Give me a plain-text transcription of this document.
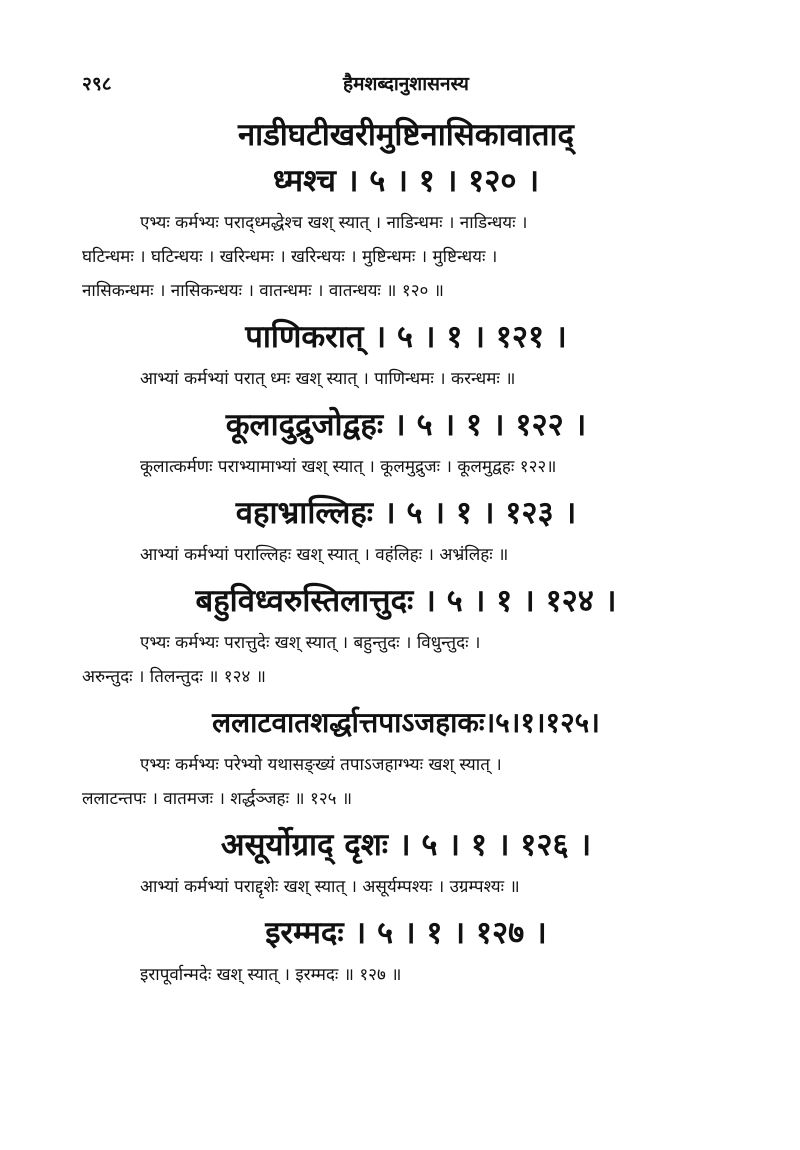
२९८	हैमशब्दानुशासनस्य
नाडीघटीखरीमुष्टिनासिकावाताद्
ध्मश्च । ५ । १ । १२० ।
एभ्यः कर्मभ्यः पराद्ध्मद्धेश्च खश् स्यात् । नाडिन्धमः । नाडिन्धयः ।
घटिन्धमः । घटिन्धयः । खरिन्धमः । खरिन्धयः । मुष्टिन्धमः । मुष्टिन्धयः ।
नासिकन्धमः । नासिकन्धयः । वातन्धमः । वातन्धयः ॥ १२० ॥
पाणिकरात् । ५ । १ । १२१ ।
आभ्यां कर्मभ्यां परात् ध्मः खश् स्यात् । पाणिन्धमः । करन्धमः ॥
कूलादुद्रुजोद्वहः । ५ । १ । १२२ ।
कूलात्कर्मणः पराभ्यामाभ्यां खश् स्यात् । कूलमुद्रुजः । कूलमुद्वहः १२२॥
वहाभ्राल्लिहः । ५ । १ । १२३ ।
आभ्यां कर्मभ्यां पराल्लिहः खश् स्यात् । वहंलिहः । अभ्रंलिहः ॥
बहुविध्वरुस्तिलात्तुदः । ५ । १ । १२४ ।
एभ्यः कर्मभ्यः परात्तुदेः खश् स्यात् । बहुन्तुदः । विधुन्तुदः ।
अरुन्तुदः । तिलन्तुदः ॥ १२४ ॥
ललाटवातशर्द्धात्तपाऽजहाकः।५।१।१२५।
एभ्यः कर्मभ्यः परेभ्यो यथासङ्ख्यं तपाऽजहाग्भ्यः खश् स्यात् ।
ललाटन्तपः । वातमजः । शर्द्धञ्जहः ॥ १२५ ॥
असूर्योग्राद् दृशः । ५ । १ । १२६ ।
आभ्यां कर्मभ्यां पराद्दृशेः खश् स्यात् । असूर्यम्पश्यः । उग्रम्पश्यः ॥
इरम्मदः । ५ । १ । १२७ ।
इरापूर्वान्मदेः खश् स्यात् । इरम्मदः ॥ १२७ ॥
